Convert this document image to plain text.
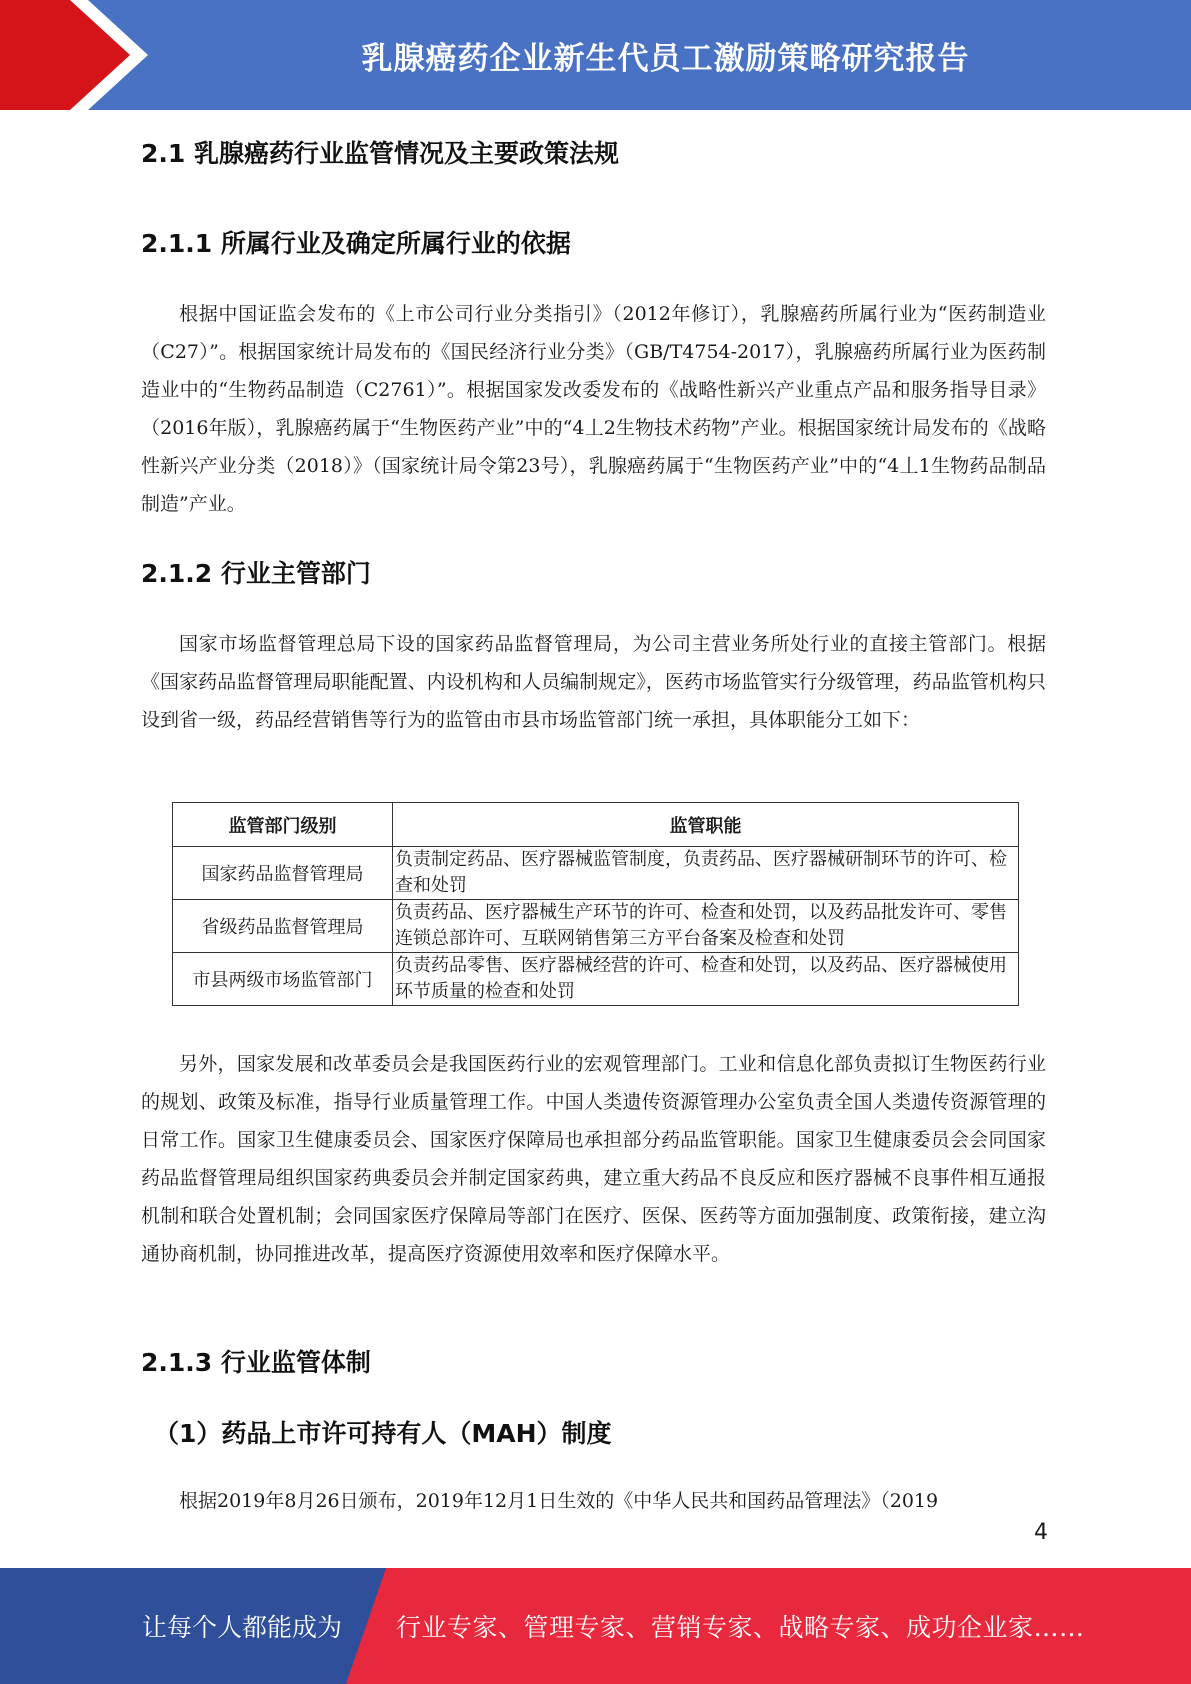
乳腺癌药企业新生代员工激励策略研究报告
2.1 乳腺癌药行业监管情况及主要政策法规
2.1.1 所属行业及确定所属行业的依据

根据中国证监会发布的《上市公司行业分类指引》（2012年修订），乳腺癌药所属行业为“医药制造业（C27）”。根据国家统计局发布的《国民经济行业分类》（GB/T4754-2017），乳腺癌药所属行业为医药制造业中的“生物药品制造（C2761）”。根据国家发改委发布的《战略性新兴产业重点产品和服务指导目录》（2016年版），乳腺癌药属于“生物医药产业”中的“4丄2生物技术药物”产业。根据国家统计局发布的《战略性新兴产业分类（2018）》（国家统计局令第23号），乳腺癌药属于“生物医药产业”中的“4丄1生物药品制品制造”产业。

2.1.2 行业主管部门

国家市场监督管理总局下设的国家药品监督管理局，为公司主营业务所处行业的直接主管部门。根据《国家药品监督管理局职能配置、内设机构和人员编制规定》，医药市场监管实行分级管理，药品监管机构只设到省一级，药品经营销售等行为的监管由市县市场监管部门统一承担，具体职能分工如下：

监管部门级别	监管职能
国家药品监督管理局	负责制定药品、医疗器械监管制度，负责药品、医疗器械研制环节的许可、检查和处罚
省级药品监督管理局	负责药品、医疗器械生产环节的许可、检查和处罚，以及药品批发许可、零售连锁总部许可、互联网销售第三方平台备案及检查和处罚
市县两级市场监管部门	负责药品零售、医疗器械经营的许可、检查和处罚，以及药品、医疗器械使用环节质量的检查和处罚

另外，国家发展和改革委员会是我国医药行业的宏观管理部门。工业和信息化部负责拟订生物医药行业的规划、政策及标准，指导行业质量管理工作。中国人类遗传资源管理办公室负责全国人类遗传资源管理的日常工作。国家卫生健康委员会、国家医疗保障局也承担部分药品监管职能。国家卫生健康委员会会同国家药品监督管理局组织国家药典委员会并制定国家药典，建立重大药品不良反应和医疗器械不良事件相互通报机制和联合处置机制；会同国家医疗保障局等部门在医疗、医保、医药等方面加强制度、政策衔接，建立沟通协商机制，协同推进改革，提高医疗资源使用效率和医疗保障水平。

2.1.3 行业监管体制
（1）药品上市许可持有人（MAH）制度

根据2019年8月26日颁布，2019年12月1日生效的《中华人民共和国药品管理法》（2019

4
让每个人都能成为 行业专家、管理专家、营销专家、战略专家、成功企业家……
